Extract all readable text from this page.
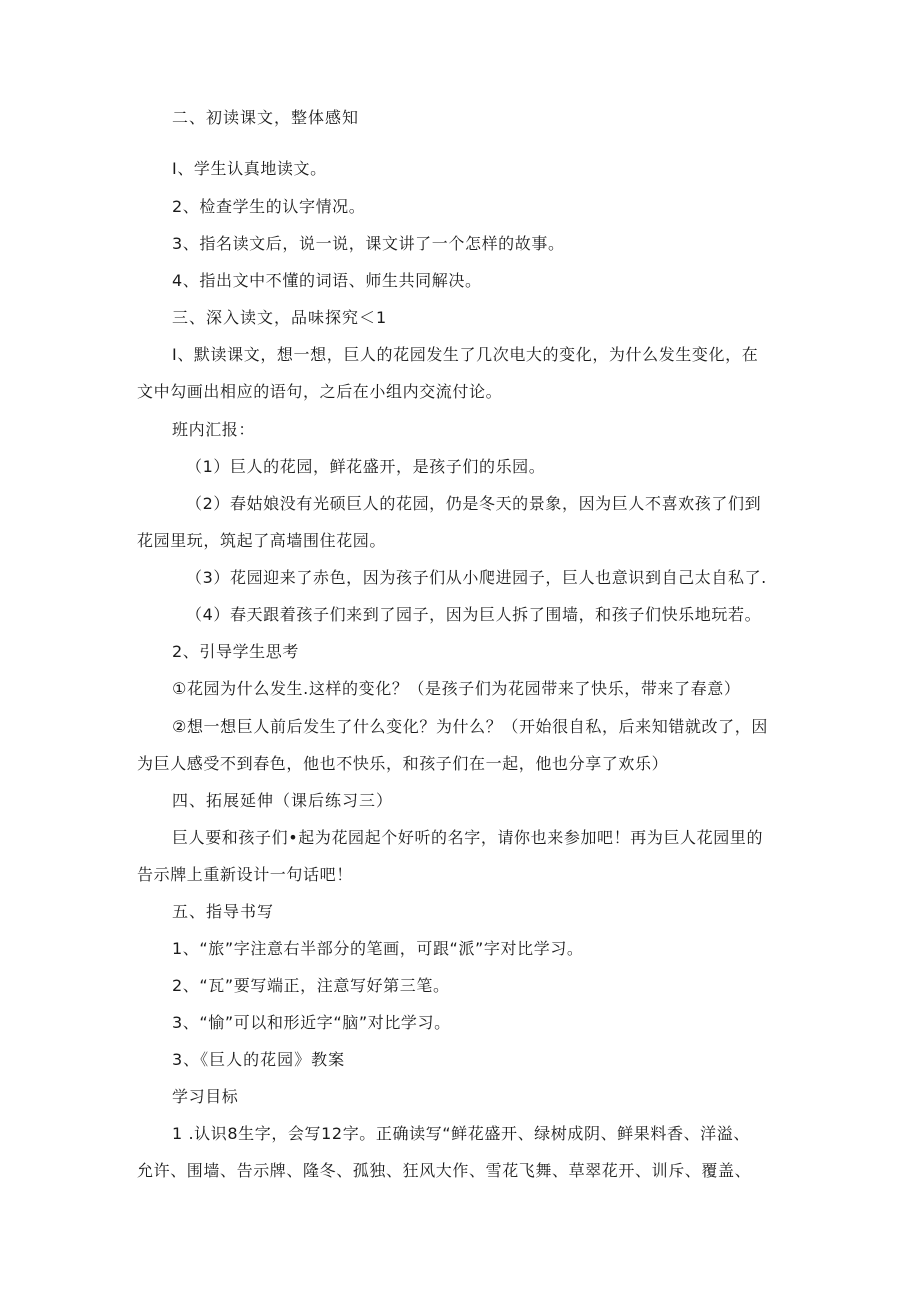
二、初读课文，整体感知
I、学生认真地读文。
2、检查学生的认字情况。
3、指名读文后，说一说，课文讲了一个怎样的故事。
4、指出文中不懂的词语、师生共同解决。
三、深入读文，品味探究＜1
I、默读课文，想一想，巨人的花园发生了几次电大的变化，为什么发生变化，在
文中勾画出相应的语句，之后在小组内交流付论。
班内汇报：
（1）巨人的花园，鲜花盛开，是孩子们的乐园。
（2）春姑娘没有光硕巨人的花园，仍是冬天的景象，因为巨人不喜欢孩了们到
花园里玩，筑起了高墙围住花园。
（3）花园迎来了赤色，因为孩子们从小爬进园子，巨人也意识到自己太自私了.
（4）春天跟着孩子们来到了园子，因为巨人拆了围墙，和孩子们快乐地玩若。
2、引导学生思考
①花园为什么发生.这样的变化？（是孩子们为花园带来了快乐，带来了春意）
②想一想巨人前后发生了什么变化？为什么？（开始很自私，后来知错就改了，因
为巨人感受不到春色，他也不快乐，和孩子们在一起，他也分享了欢乐）
四、拓展延伸（课后练习三）
巨人要和孩子们•起为花园起个好听的名字，请你也来参加吧！再为巨人花园里的
告示牌上重新设计一句话吧！
五、指导书写
1、“旅”字注意右半部分的笔画，可跟“派”字对比学习。
2、“瓦”要写端正，注意写好第三笔。
3、“愉”可以和形近字“脑”对比学习。
3、《巨人的花园》教案
学习目标
1 .认识8生字，会写12字。正确读写“鲜花盛开、绿树成阴、鲜果料香、洋溢、
允许、围墙、告示牌、隆冬、孤独、狂风大作、雪花飞舞、草翠花开、训斥、覆盖、
